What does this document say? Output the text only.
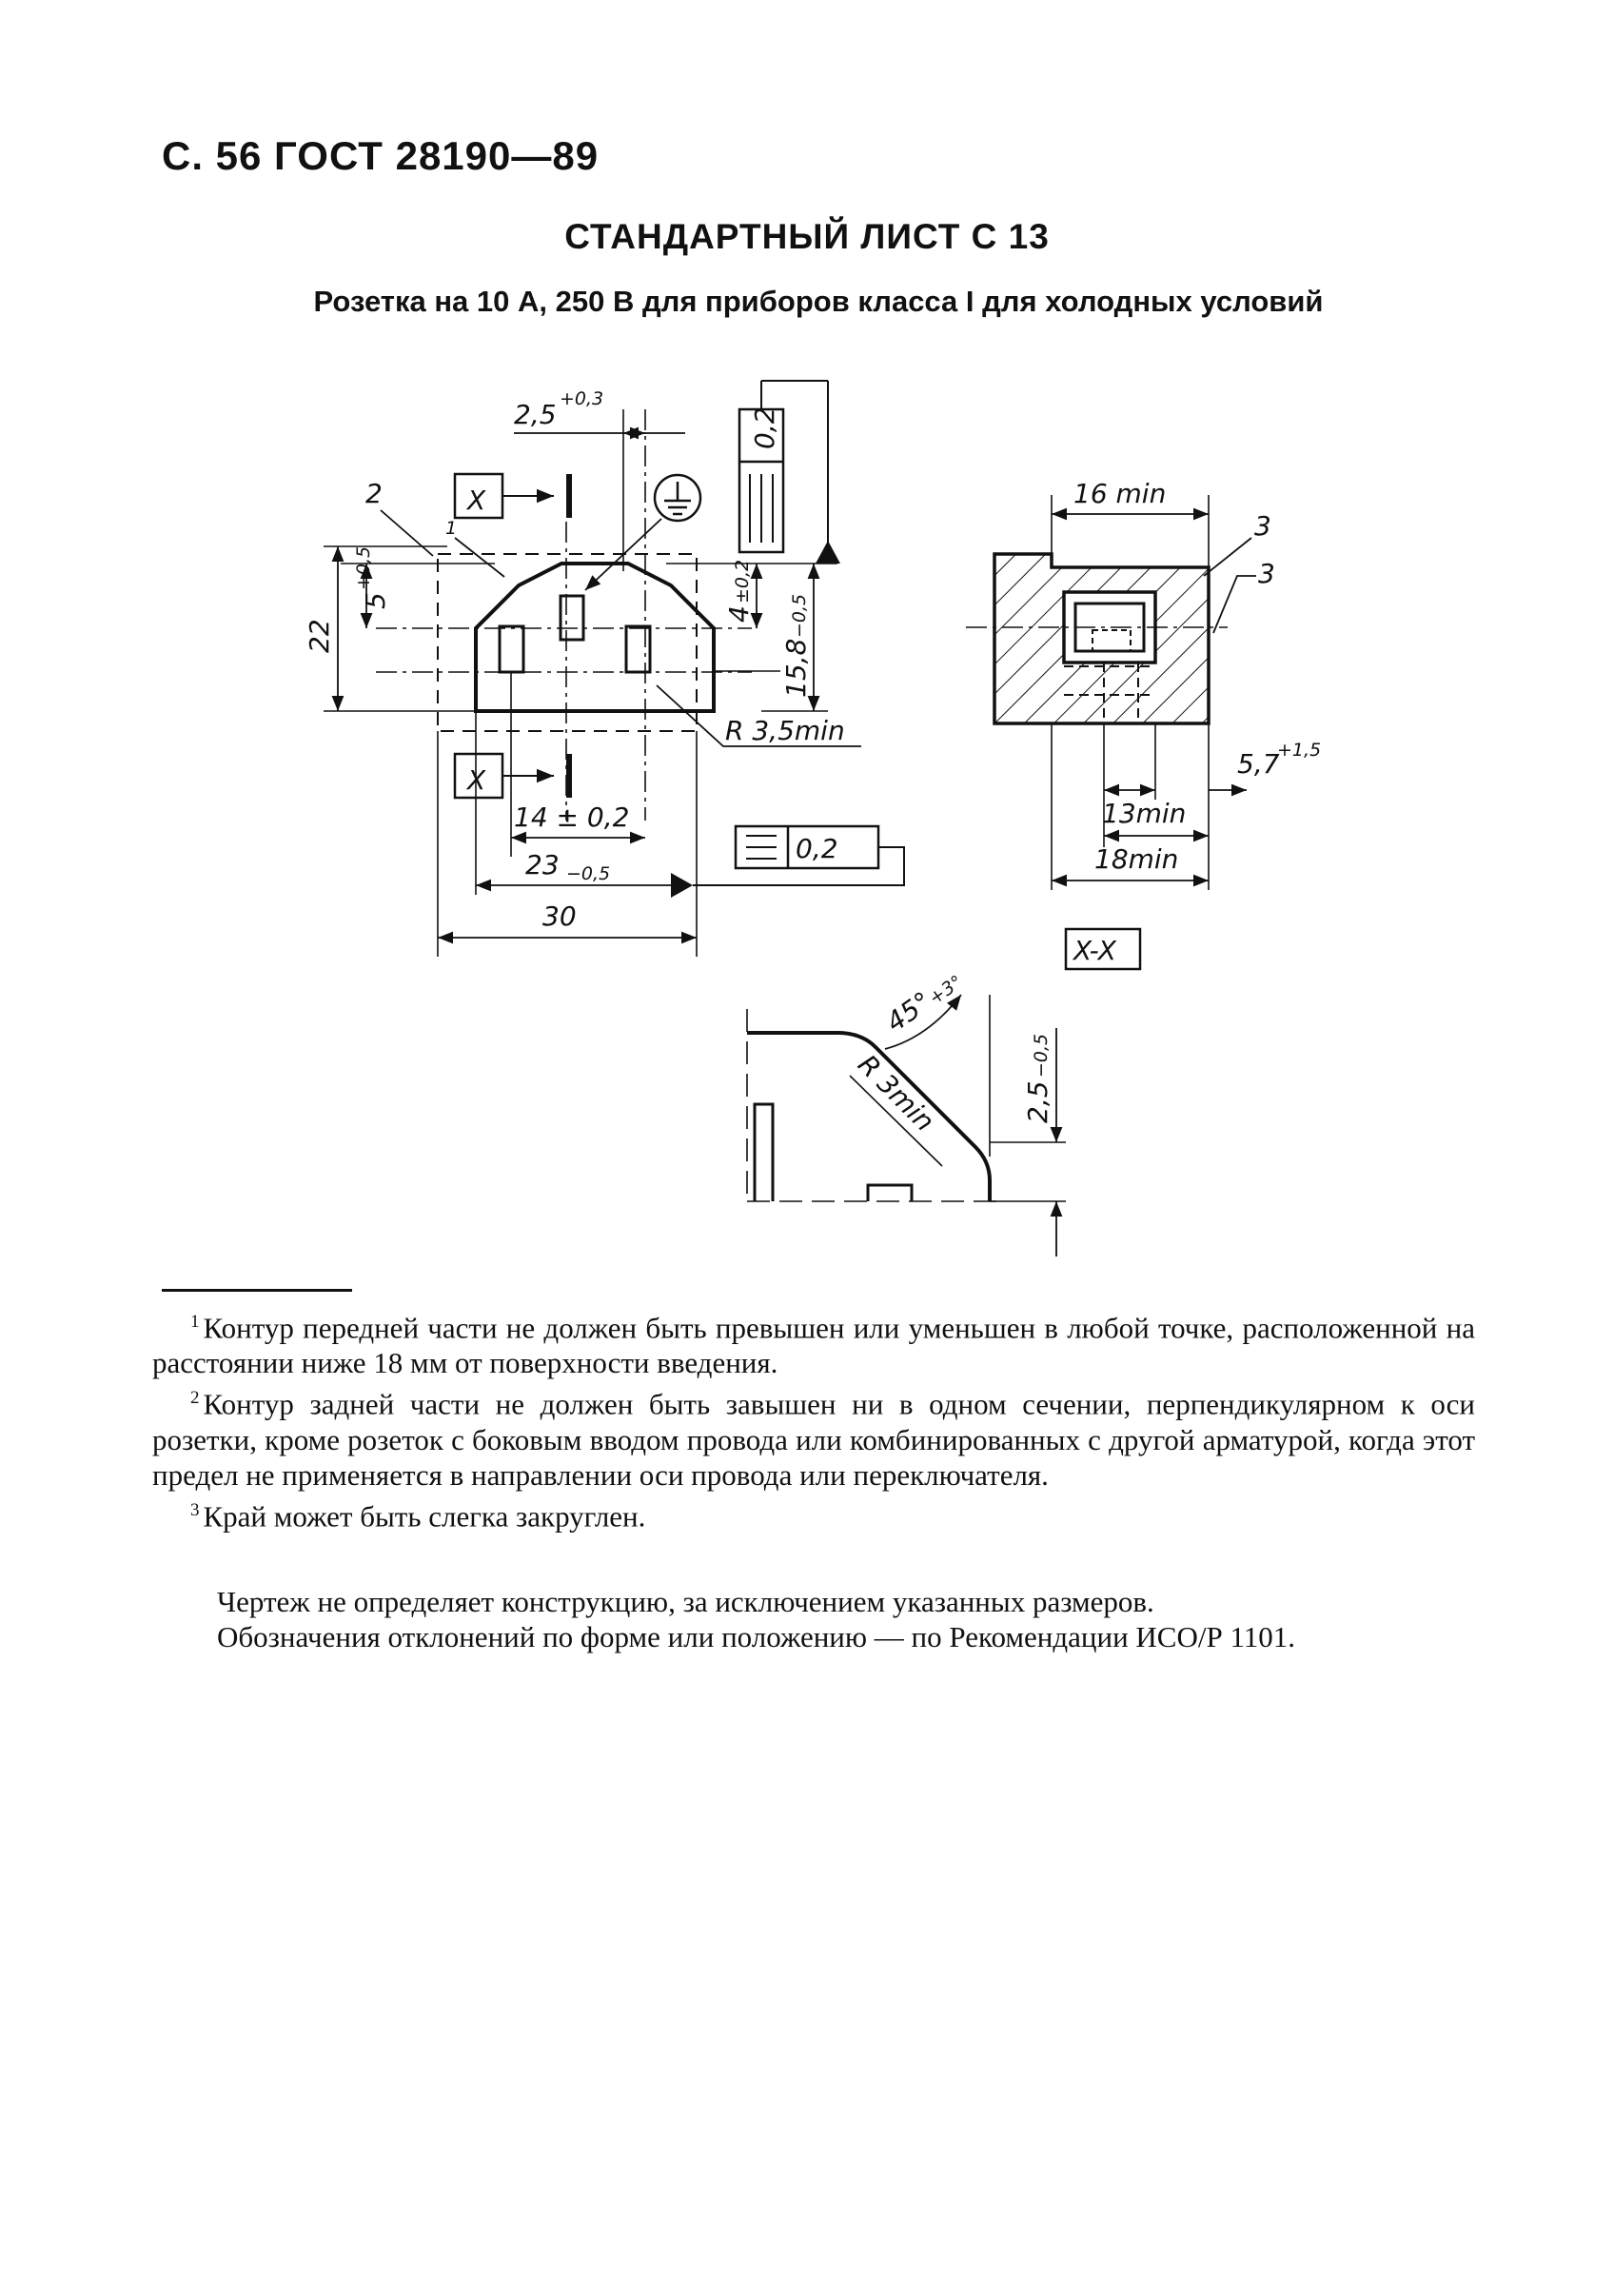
С. 56 ГОСТ 28190—89
СТАНДАРТНЫЙ ЛИСТ С 13
Розетка на 10 А, 250 В для приборов класса I для холодных условий
2,5 +0,3
2
1
X
X
0,2
0,2
22
5
+0,5
4
±0,2
15,8
−0,5
R 3,5min
14 ± 0,2
23 −0,5
30
16 min
3
3
5,7
+1,5
13min
18min
X-X
45°
+3°
R 3min	2,5
−0,5

$^1$ Контур передней части не должен быть превышен или уменьшен в любой точке, расположенной на расстоянии ниже 18 мм от поверхности введения.

$^2$ Контур задней части не должен быть завышен ни в одном сечении, перпендикулярном к оси розетки, кроме розеток с боковым вводом провода или комбинированных с другой арматурой, когда этот предел не применяется в направлении оси провода или переключателя.

$^3$ Край может быть слегка закруглен.

Чертеж не определяет конструкцию, за исключением указанных размеров.

Обозначения отклонений по форме или положению — по Рекомендации ИСО/Р 1101.
